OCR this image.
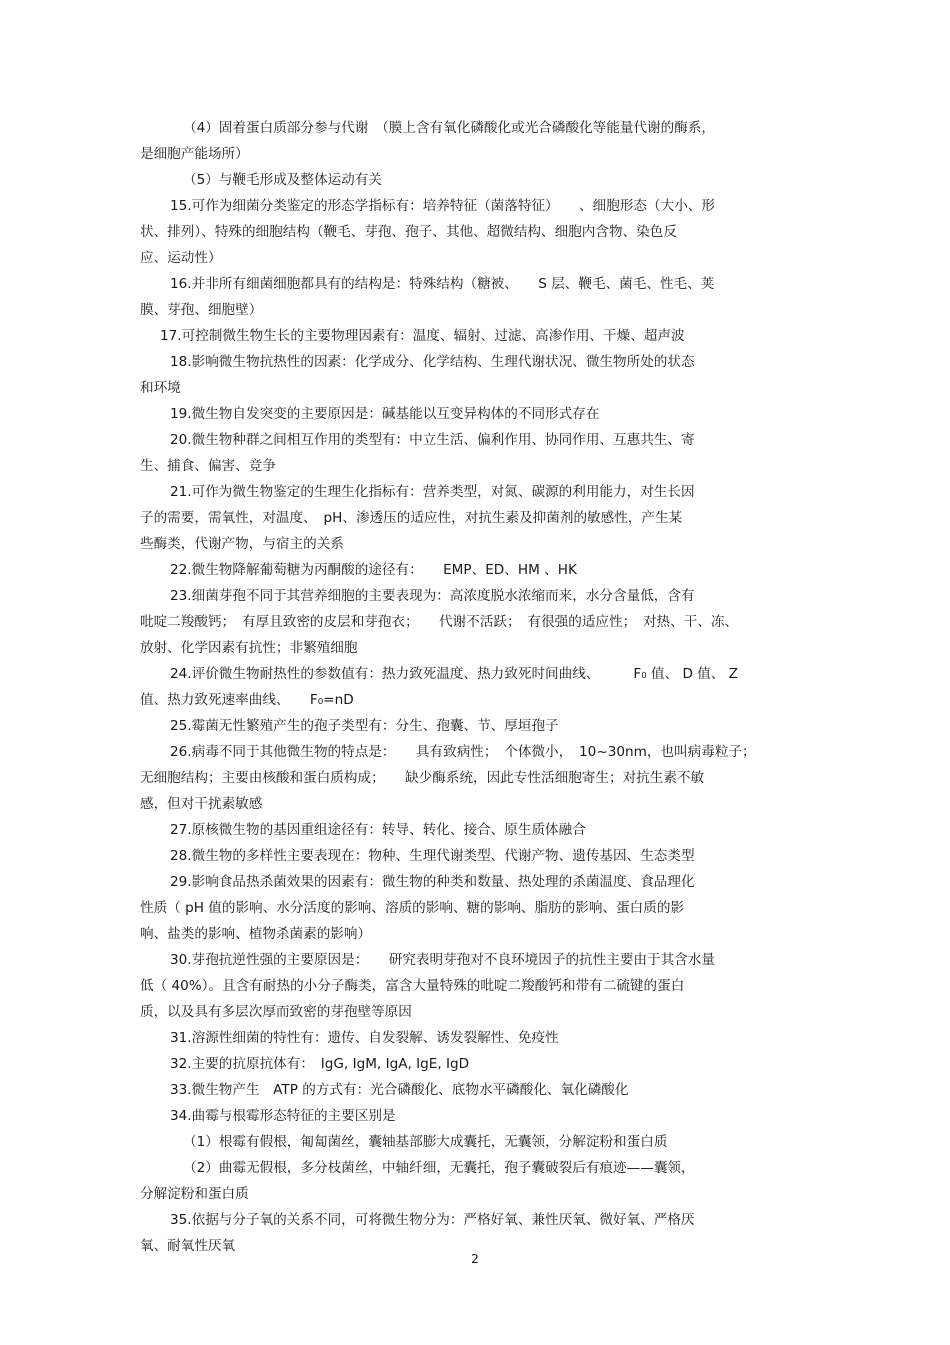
（4）固着蛋白质部分参与代谢　（膜上含有氧化磷酸化或光合磷酸化等能量代谢的酶系，
是细胞产能场所）
（5）与鞭毛形成及整体运动有关
15.可作为细菌分类鉴定的形态学指标有：培养特征（菌落特征）　　、细胞形态（大小、形
状、排列）、特殊的细胞结构（鞭毛、芽孢、孢子、其他、超微结构、细胞内含物、染色反
应、运动性）
16.并非所有细菌细胞都具有的结构是：特殊结构（糖被、　　S 层、鞭毛、菌毛、性毛、荚
膜、芽孢、细胞壁）
17.可控制微生物生长的主要物理因素有：温度、辐射、过滤、高渗作用、干燥、超声波
18.影响微生物抗热性的因素：化学成分、化学结构、生理代谢状况、微生物所处的状态
和环境
19.微生物自发突变的主要原因是：碱基能以互变异构体的不同形式存在
20.微生物种群之间相互作用的类型有：中立生活、偏利作用、协同作用、互惠共生、寄
生、捕食、偏害、竞争
21.可作为微生物鉴定的生理生化指标有：营养类型，对氮、碳源的利用能力，对生长因
子的需要，需氧性，对温度、　pH、渗透压的适应性，对抗生素及抑菌剂的敏感性，产生某
些酶类，代谢产物，与宿主的关系
22.微生物降解葡萄糖为丙酮酸的途径有：　　EMP、ED、HM 、HK
23.细菌芽孢不同于其营养细胞的主要表现为：高浓度脱水浓缩而来，水分含量低，含有
吡啶二羧酸钙；　有厚且致密的皮层和芽孢衣；　　代谢不活跃；　有很强的适应性；　对热、干、冻、
放射、化学因素有抗性；非繁殖细胞
24.评价微生物耐热性的参数值有：热力致死温度、热力致死时间曲线、　　　F₀ 值、 D 值、 Z
值、热力致死速率曲线、　　F₀=nD
25.霉菌无性繁殖产生的孢子类型有：分生、孢囊、节、厚垣孢子
26.病毒不同于其他微生物的特点是：　　具有致病性；　个体微小，　10~30nm，也叫病毒粒子；
无细胞结构；主要由核酸和蛋白质构成；　　缺少酶系统，因此专性活细胞寄生；对抗生素不敏
感，但对干扰素敏感
27.原核微生物的基因重组途径有：转导、转化、接合、原生质体融合
28.微生物的多样性主要表现在：物种、生理代谢类型、代谢产物、遗传基因、生态类型
29.影响食品热杀菌效果的因素有：微生物的种类和数量、热处理的杀菌温度、食品理化
性质（ pH 值的影响、水分活度的影响、溶质的影响、糖的影响、脂肪的影响、蛋白质的影
响、盐类的影响、植物杀菌素的影响）
30.芽孢抗逆性强的主要原因是：　　研究表明芽孢对不良环境因子的抗性主要由于其含水量
低（ 40%）。且含有耐热的小分子酶类，富含大量特殊的吡啶二羧酸钙和带有二硫键的蛋白
质，以及具有多层次厚而致密的芽孢壁等原因
31.溶源性细菌的特性有：遗传、自发裂解、诱发裂解性、免疫性
32.主要的抗原抗体有：　IgG, IgM, IgA, IgE, IgD
33.微生物产生　ATP 的方式有：光合磷酸化、底物水平磷酸化、氧化磷酸化
34.曲霉与根霉形态特征的主要区别是
（1）根霉有假根，匍匐菌丝，囊轴基部膨大成囊托，无囊领，分解淀粉和蛋白质
（2）曲霉无假根，多分枝菌丝，中轴纤细，无囊托，孢子囊破裂后有痕迹——囊领，
分解淀粉和蛋白质
35.依据与分子氧的关系不同，可将微生物分为：严格好氧、兼性厌氧、微好氧、严格厌
氧、耐氧性厌氧
2
